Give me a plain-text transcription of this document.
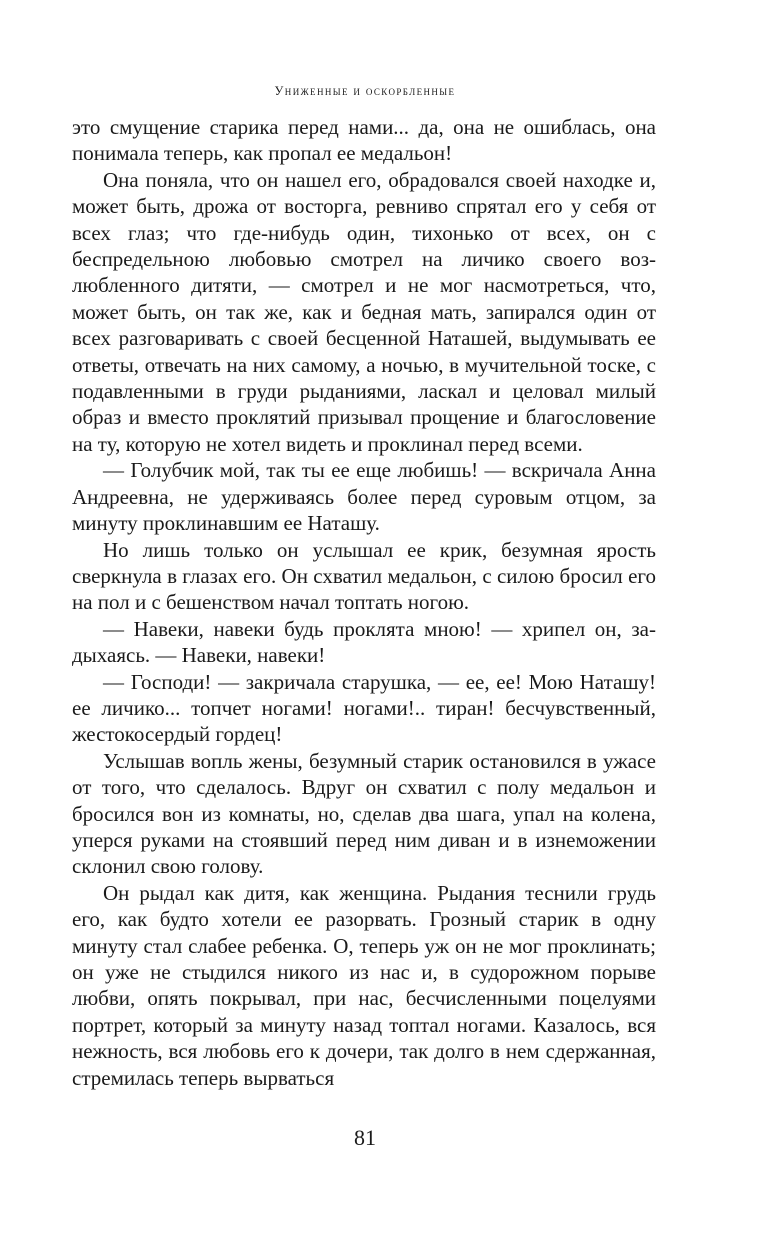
Униженные и оскорбленные

это смущение старика перед нами... да, она не ошиблась, она понимала теперь, как пропал ее медальон!

Она поняла, что он нашел его, обрадовался своей находке и, может быть, дрожа от восторга, ревниво спрятал его у себя от всех глаз; что где-нибудь один, тихонько от всех, он с беспредельною любовью смотрел на личико своего возлюбленного дитяти, — смотрел и не мог насмотреться, что, может быть, он так же, как и бедная мать, запирался один от всех разговаривать с своей бесценной Наташей, выдумывать ее ответы, отвечать на них самому, а ночью, в мучительной тоске, с подавленными в груди рыданиями, ласкал и целовал милый образ и вместо проклятий призывал прощение и благословение на ту, которую не хотел видеть и проклинал перед всеми.

— Голубчик мой, так ты ее еще любишь! — вскричала Анна Андреевна, не удерживаясь более перед суровым отцом, за минуту проклинавшим ее Наташу.

Но лишь только он услышал ее крик, безумная ярость сверкнула в глазах его. Он схватил медальон, с силою бросил его на пол и с бешенством начал топтать ногою.

— Навеки, навеки будь проклята мною! — хрипел он, задыхаясь. — Навеки, навеки!

— Господи! — закричала старушка, — ее, ее! Мою Наташу! ее личико... топчет ногами! ногами!.. тиран! бесчувственный, жестокосердый гордец!

Услышав вопль жены, безумный старик остановился в ужасе от того, что сделалось. Вдруг он схватил с полу медальон и бросился вон из комнаты, но, сделав два шага, упал на колена, уперся руками на стоявший перед ним диван и в изнеможении склонил свою голову.

Он рыдал как дитя, как женщина. Рыдания теснили грудь его, как будто хотели ее разорвать. Грозный старик в одну минуту стал слабее ребенка. О, теперь уж он не мог проклинать; он уже не стыдился никого из нас и, в судорожном порыве любви, опять покрывал, при нас, бесчисленными поцелуями портрет, который за минуту назад топтал ногами. Казалось, вся нежность, вся любовь его к дочери, так долго в нем сдержанная, стремилась теперь вырваться

81
